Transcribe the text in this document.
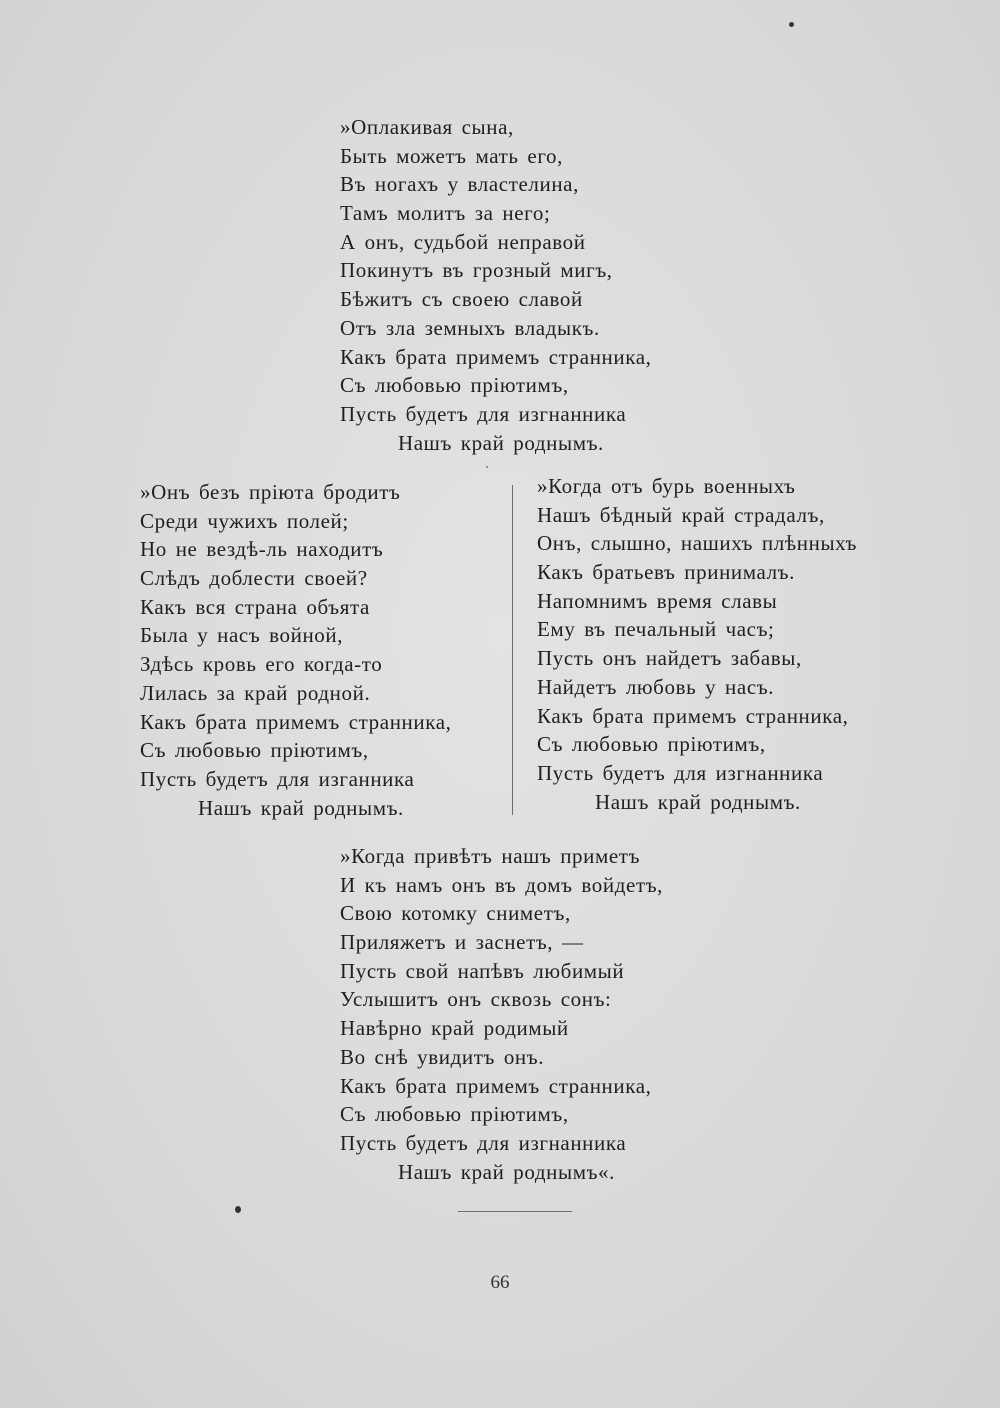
»Оплакивая сына,
Быть можетъ мать его,
Въ ногахъ у властелина,
Тамъ молитъ за него;
А онъ, судьбой неправой
Покинутъ въ грозный мигъ,
Бѣжитъ съ своею славой
Отъ зла земныхъ владыкъ.
Какъ брата примемъ странника,
Съ любовью пріютимъ,
Пусть будетъ для изгнанника
Нашъ край роднымъ.
»Онъ безъ пріюта бродитъ
Среди чужихъ полей;
Но не вездѣ-ль находитъ
Слѣдъ доблести своей?
Какъ вся страна объята
Была у насъ войной,
Здѣсь кровь его когда-то
Лилась за край родной.
Какъ брата примемъ странника,
Съ любовью пріютимъ,
Пусть будетъ для изганника
Нашъ край роднымъ.
»Когда отъ бурь военныхъ
Нашъ бѣдный край страдалъ,
Онъ, слышно, нашихъ плѣнныхъ
Какъ братьевъ принималъ.
Напомнимъ время славы
Ему въ печальный часъ;
Пусть онъ найдетъ забавы,
Найдетъ любовь у насъ.
Какъ брата примемъ странника,
Съ любовью пріютимъ,
Пусть будетъ для изгнанника
Нашъ край роднымъ.
»Когда привѣтъ нашъ приметъ
И къ намъ онъ въ домъ войдетъ,
Свою котомку сниметъ,
Приляжетъ и заснетъ, —
Пусть свой напѣвъ любимый
Услышитъ онъ сквозь сонъ:
Навѣрно край родимый
Во снѣ увидитъ онъ.
Какъ брата примемъ странника,
Съ любовью пріютимъ,
Пусть будетъ для изгнанника
Нашъ край роднымъ«.
66
